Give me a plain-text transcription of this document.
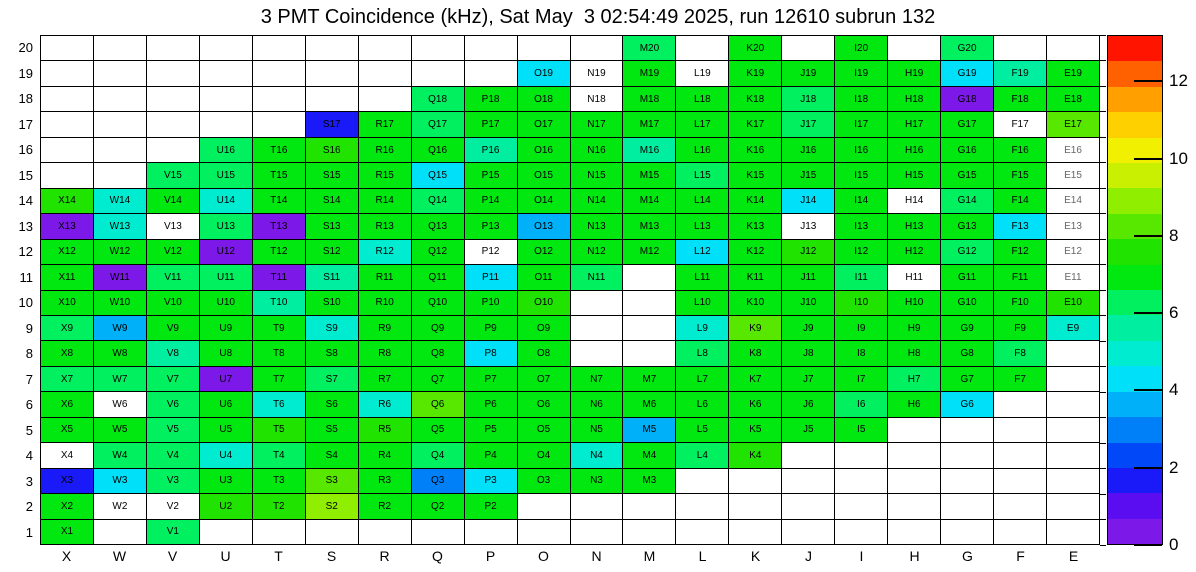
3 PMT Coincidence (kHz), Sat May  3 02:54:49 2025, run 12610 subrun 132
20
19
18
17
16
15
14
13
12
11
10
9
8
7
6
5
4
3
2
1
M20	K20	I20	G20
O19	N19	M19	L19	K19	J19	I19	H19	G19	F19	E19
Q18	P18	O18	N18	M18	L18	K18	J18	I18	H18	G18	F18	E18
S17	R17	Q17	P17	O17	N17	M17	L17	K17	J17	I17	H17	G17	F17	E17
U16	T16	S16	R16	Q16	P16	O16	N16	M16	L16	K16	J16	I16	H16	G16	F16	E16
V15	U15	T15	S15	R15	Q15	P15	O15	N15	M15	L15	K15	J15	I15	H15	G15	F15	E15
X14	W14	V14	U14	T14	S14	R14	Q14	P14	O14	N14	M14	L14	K14	J14	I14	H14	G14	F14	E14
X13	W13	V13	U13	T13	S13	R13	Q13	P13	O13	N13	M13	L13	K13	J13	I13	H13	G13	F13	E13
X12	W12	V12	U12	T12	S12	R12	Q12	P12	O12	N12	M12	L12	K12	J12	I12	H12	G12	F12	E12
X11	W11	V11	U11	T11	S11	R11	Q11	P11	O11	N11	L11	K11	J11	I11	H11	G11	F11	E11
X10	W10	V10	U10	T10	S10	R10	Q10	P10	O10	L10	K10	J10	I10	H10	G10	F10	E10
X9	W9	V9	U9	T9	S9	R9	Q9	P9	O9	L9	K9	J9	I9	H9	G9	F9	E9
X8	W8	V8	U8	T8	S8	R8	Q8	P8	O8	L8	K8	J8	I8	H8	G8	F8
X7	W7	V7	U7	T7	S7	R7	Q7	P7	O7	N7	M7	L7	K7	J7	I7	H7	G7	F7
X6	W6	V6	U6	T6	S6	R6	Q6	P6	O6	N6	M6	L6	K6	J6	I6	H6	G6
X5	W5	V5	U5	T5	S5	R5	Q5	P5	O5	N5	M5	L5	K5	J5	I5
X4	W4	V4	U4	T4	S4	R4	Q4	P4	O4	N4	M4	L4	K4
X3	W3	V3	U3	T3	S3	R3	Q3	P3	O3	N3	M3
X2	W2	V2	U2	T2	S2	R2	Q2	P2
X1	V1
X	W	V	U	T	S	R	Q	P	O	N	M	L	K	J	I	H	G	F	E
0
2
4
6
8
10
12
